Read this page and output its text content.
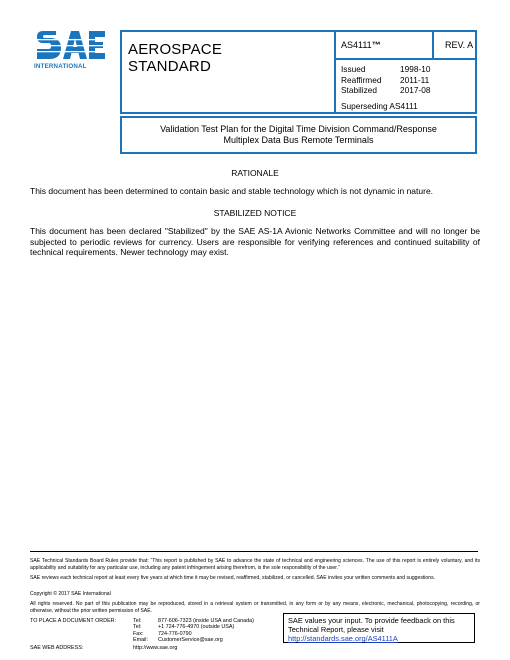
INTERNATIONAL
AEROSPACE
STANDARD
AS4111™	REV. A
Issued	1998-10
Reaffirmed	2011-11
Stabilized	2017-08
Superseding AS4111
Validation Test Plan for the Digital Time Division Command/Response
Multiplex Data Bus Remote Terminals
RATIONALE
This document has been determined to contain basic and stable technology which is not dynamic in nature.
STABILIZED NOTICE
This document has been declared "Stabilized" by the SAE AS-1A Avionic Networks Committee and will no longer be subjected to periodic reviews for currency. Users are responsible for verifying references and continued suitability of technical requirements. Newer technology may exist.
SAE Technical Standards Board Rules provide that: “This report is published by SAE to advance the state of technical and engineering sciences. The use of this report is entirely voluntary, and its applicability and suitability for any particular use, including any patent infringement arising therefrom, is the sole responsibility of the user.”
SAE reviews each technical report at least every five years at which time it may be revised, reaffirmed, stabilized, or cancelled. SAE invites your written comments and suggestions.
Copyright © 2017 SAE International
All rights reserved. No part of this publication may be reproduced, stored in a retrieval system or transmitted, in any form or by any means, electronic, mechanical, photocopying, recording, or otherwise, without the prior written permission of SAE.
TO PLACE A DOCUMENT ORDER:	Tel:	877-606-7323 (inside USA and Canada)
Tel:	+1 724-776-4970 (outside USA)
Fax:	724-776-0790
Email:	CustomerService@sae.org
SAE WEB ADDRESS:	http://www.sae.org
SAE values your input. To provide feedback on this Technical Report, please visit
http://standards.sae.org/AS4111A
